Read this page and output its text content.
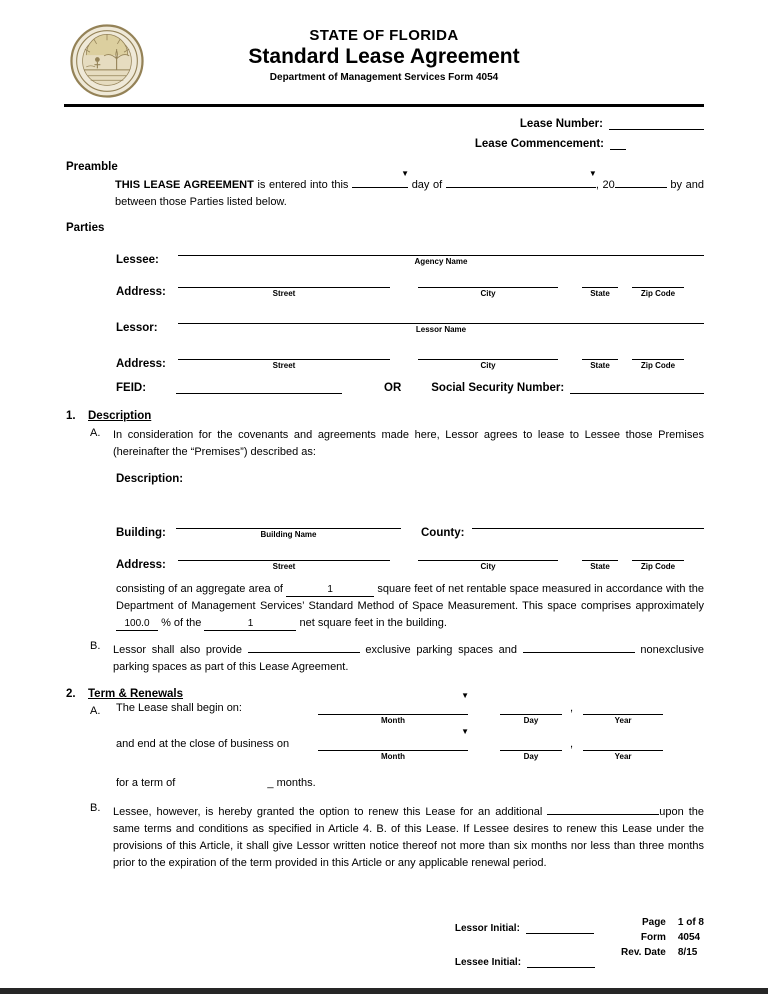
STATE OF FLORIDA
Standard Lease Agreement
Department of Management Services Form 4054
Lease Number:
Lease Commencement:
Preamble

THIS LEASE AGREEMENT is entered into this
▼
day of
▼
, 20	by and between those Parties listed below.

Parties
Lessee:	Agency Name
Address:	Street	City	State	Zip Code
Lessor:	Lessor Name
Address:	Street	City	State	Zip Code
FEID:	OR	Social Security Number:
1.	Description
A.	In consideration for the covenants and agreements made here, Lessor agrees to lease to Lessee those Premises (hereinafter the “Premises”) described as:
Description:
Building:	Building Name	County:
Address:	Street	City	State	Zip Code

consisting of an aggregate area of	1	square feet of net rentable space measured in accordance with the Department of Management Services’ Standard Method of Space Measurement. This space comprises approximately 100.0 % of the	1	net square feet in the building.

B.	Lessor shall also provide	exclusive parking spaces and	nonexclusive parking spaces as part of this Lease Agreement.
2.	Term & Renewals
A.	The Lease shall begin on:
▼
Month	Day
,
Year
and end at the close of business on
▼
Month	Day
,
Year

for a term of	_ months.

B.	Lessee, however, is hereby granted the option to renew this Lease for an additional	upon the same terms and conditions as specified in Article 4. B. of this Lease. If Lessee desires to renew this Lease under the provisions of this Article, it shall give Lessor written notice thereof not more than six months nor less than three months prior to the expiration of the term provided in this Article or any applicable renewal period.
Lessor Initial:
Lessee Initial:
Page 1 of 8
Form 4054
Rev. Date 8/15
